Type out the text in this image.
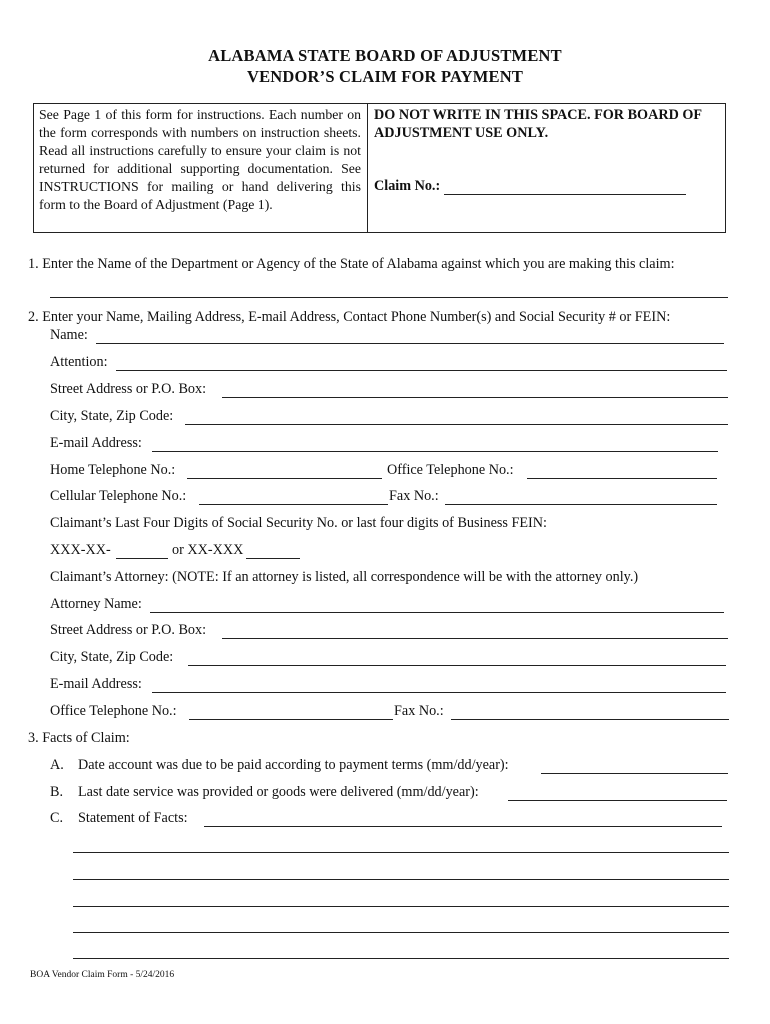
ALABAMA STATE BOARD OF ADJUSTMENT
VENDOR’S CLAIM FOR PAYMENT
See Page 1 of this form for instructions. Each number on the form corresponds with numbers on instruction sheets. Read all instructions carefully to ensure your claim is not returned for additional supporting documentation. See INSTRUCTIONS for mailing or hand delivering this form to the Board of Adjustment (Page 1).
DO NOT WRITE IN THIS SPACE. FOR BOARD OF ADJUSTMENT USE ONLY.
Claim No.:
1. Enter the Name of the Department or Agency of the State of Alabama against which you are making this claim:
2. Enter your Name, Mailing Address, E-mail Address, Contact Phone Number(s) and Social Security # or FEIN:
Name:
Attention:
Street Address or P.O. Box:
City, State, Zip Code:
E-mail Address:
Home Telephone No.:	Office Telephone No.:
Cellular Telephone No.:	Fax No.:
Claimant’s Last Four Digits of Social Security No. or last four digits of Business FEIN:
XXX-XX-	or XX-XXX
Claimant’s Attorney: (NOTE: If an attorney is listed, all correspondence will be with the attorney only.)
Attorney Name:
Street Address or P.O. Box:
City, State, Zip Code:
E-mail Address:
Office Telephone No.:	Fax No.:
3. Facts of Claim:
A. Date account was due to be paid according to payment terms (mm/dd/year):
B. Last date service was provided or goods were delivered (mm/dd/year):
C. Statement of Facts:
BOA Vendor Claim Form - 5/24/2016
